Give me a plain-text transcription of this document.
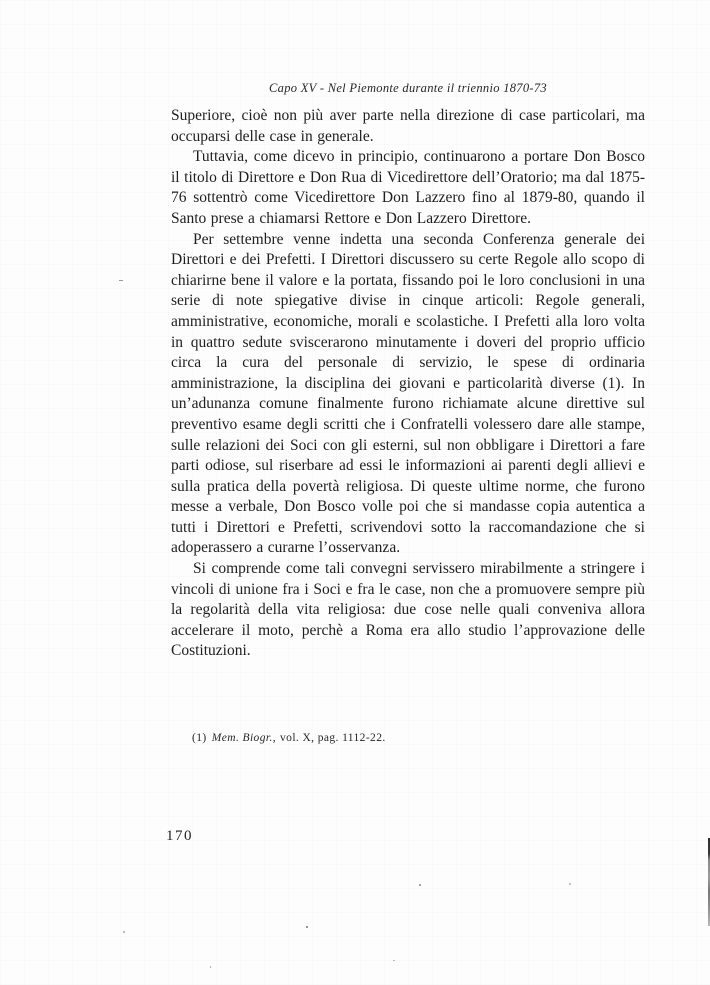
Capo XV - Nel Piemonte durante il triennio 1870-73

Superiore, cioè non più aver parte nella direzione di case particolari, ma occuparsi delle case in generale.

Tuttavia, come dicevo in principio, continuarono a portare Don Bosco il titolo di Direttore e Don Rua di Vicedirettore dell’Oratorio; ma dal 1875-76 sottentrò come Vicedirettore Don Lazzero fino al 1879-80, quando il Santo prese a chiamarsi Rettore e Don Lazzero Direttore.

Per settembre venne indetta una seconda Conferenza generale dei Direttori e dei Prefetti. I Direttori discussero su certe Regole allo scopo di chiarirne bene il valore e la portata, fissando poi le loro conclusioni in una serie di note spiegative divise in cinque articoli: Regole generali, amministrative, economiche, morali e scolastiche. I Prefetti alla loro volta in quattro sedute sviscerarono minutamente i doveri del proprio ufficio circa la cura del personale di servizio, le spese di ordinaria amministrazione, la disciplina dei giovani e particolarità diverse (1). In un’adunanza comune finalmente furono richiamate alcune direttive sul preventivo esame degli scritti che i Confratelli volessero dare alle stampe, sulle relazioni dei Soci con gli esterni, sul non obbligare i Direttori a fare parti odiose, sul riserbare ad essi le informazioni ai parenti degli allievi e sulla pratica della povertà religiosa. Di queste ultime norme, che furono messe a verbale, Don Bosco volle poi che si mandasse copia autentica a tutti i Direttori e Prefetti, scrivendovi sotto la raccomandazione che si adoperassero a curarne l’osservanza.

Si comprende come tali convegni servissero mirabilmente a stringere i vincoli di unione fra i Soci e fra le case, non che a promuovere sempre più la regolarità della vita religiosa: due cose nelle quali conveniva allora accelerare il moto, perchè a Roma era allo studio l’approvazione delle Costituzioni.

(1) Mem. Biogr., vol. X, pag. 1112-22.
170
